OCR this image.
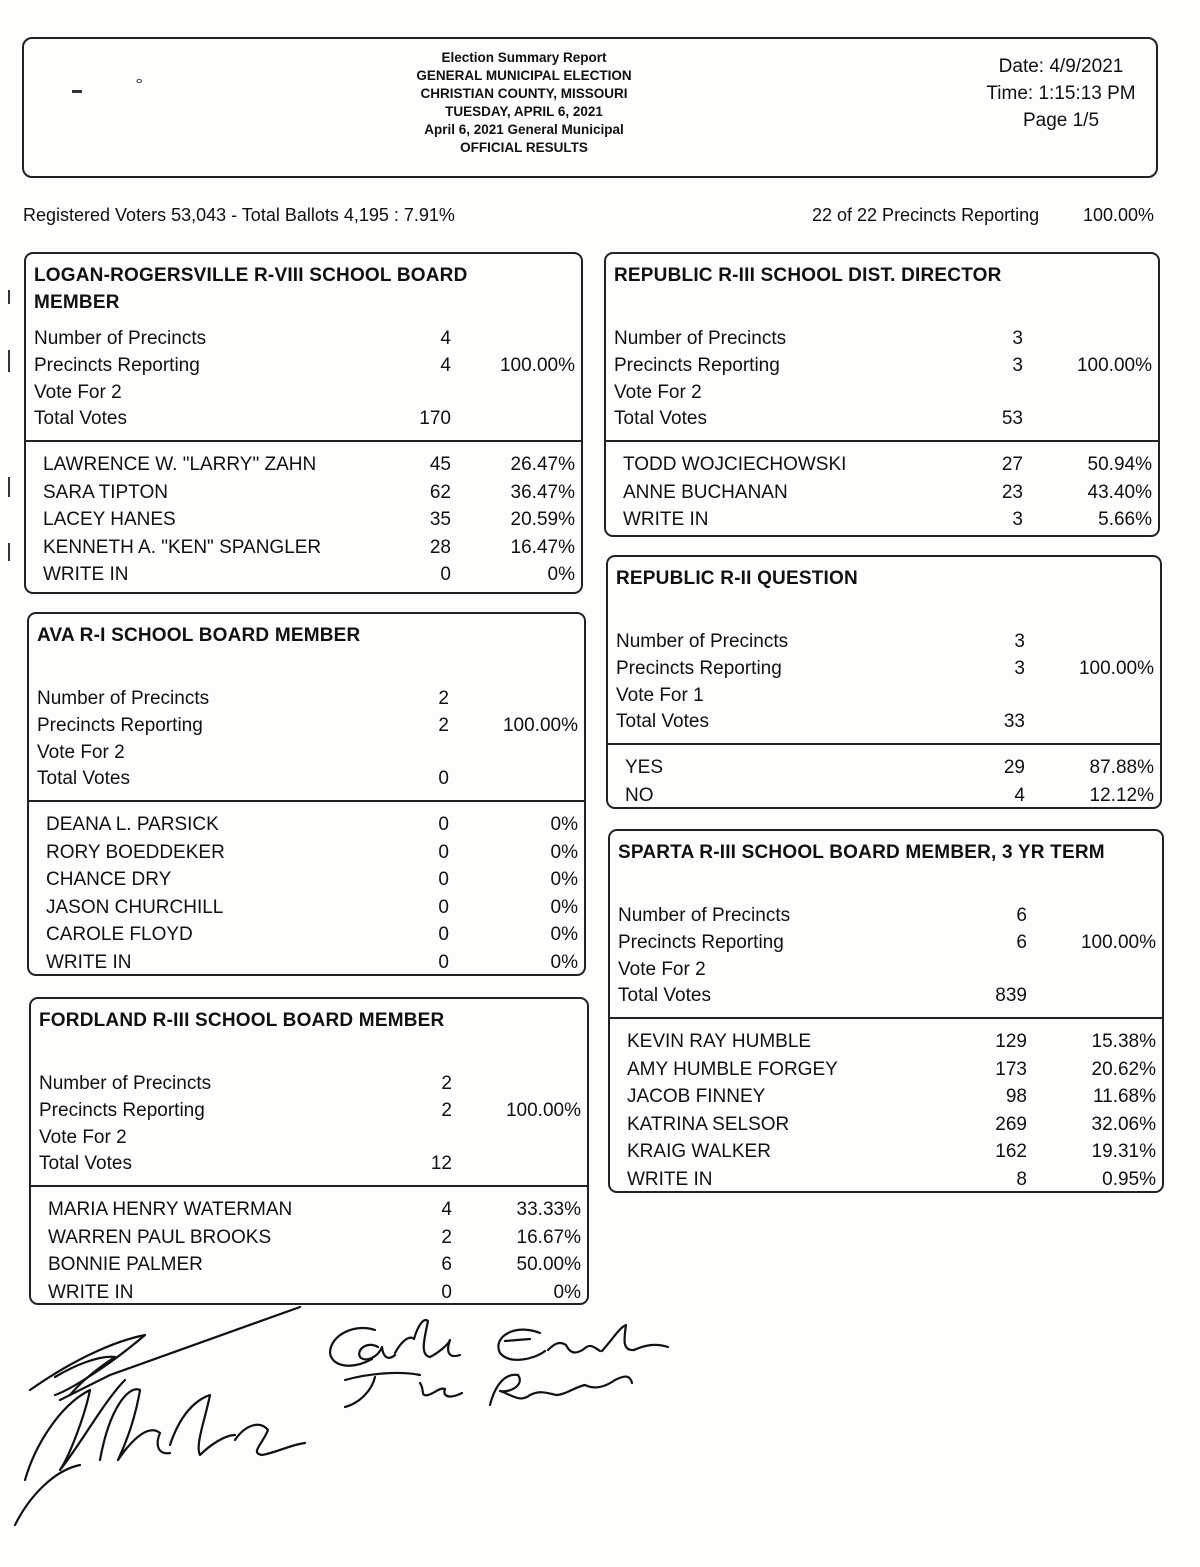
▬
ⴰ
Election Summary Report
GENERAL MUNICIPAL ELECTION
CHRISTIAN COUNTY, MISSOURI
TUESDAY, APRIL 6, 2021
April 6, 2021 General Municipal
OFFICIAL RESULTS
Date: 4/9/2021
Time: 1:15:13 PM
Page 1/5
Registered Voters 53,043 - Total Ballots 4,195 : 7.91%	22 of 22 Precincts Reporting 100.00%
LOGAN-ROGERSVILLE R-VIII SCHOOL BOARD
MEMBER
Number of Precincts	4
Precincts Reporting	4	100.00%
Vote For 2
Total Votes	170
LAWRENCE W. "LARRY" ZAHN	45	26.47%
SARA TIPTON	62	36.47%
LACEY HANES	35	20.59%
KENNETH A. "KEN" SPANGLER	28	16.47%
WRITE IN	0	0%
AVA R-I SCHOOL BOARD MEMBER
Number of Precincts	2
Precincts Reporting	2	100.00%
Vote For 2
Total Votes	0
DEANA L. PARSICK	0	0%
RORY BOEDDEKER	0	0%
CHANCE DRY	0	0%
JASON CHURCHILL	0	0%
CAROLE FLOYD	0	0%
WRITE IN	0	0%
FORDLAND R-III SCHOOL BOARD MEMBER
Number of Precincts	2
Precincts Reporting	2	100.00%
Vote For 2
Total Votes	12
MARIA HENRY WATERMAN	4	33.33%
WARREN PAUL BROOKS	2	16.67%
BONNIE PALMER	6	50.00%
WRITE IN	0	0%
REPUBLIC R-III SCHOOL DIST. DIRECTOR
Number of Precincts	3
Precincts Reporting	3	100.00%
Vote For 2
Total Votes	53
TODD WOJCIECHOWSKI	27	50.94%
ANNE BUCHANAN	23	43.40%
WRITE IN	3	5.66%
REPUBLIC R-II QUESTION
Number of Precincts	3
Precincts Reporting	3	100.00%
Vote For 1
Total Votes	33
YES	29	87.88%
NO	4	12.12%
SPARTA R-III SCHOOL BOARD MEMBER, 3 YR TERM
Number of Precincts	6
Precincts Reporting	6	100.00%
Vote For 2
Total Votes	839
KEVIN RAY HUMBLE	129	15.38%
AMY HUMBLE FORGEY	173	20.62%
JACOB FINNEY	98	11.68%
KATRINA SELSOR	269	32.06%
KRAIG WALKER	162	19.31%
WRITE IN	8	0.95%
